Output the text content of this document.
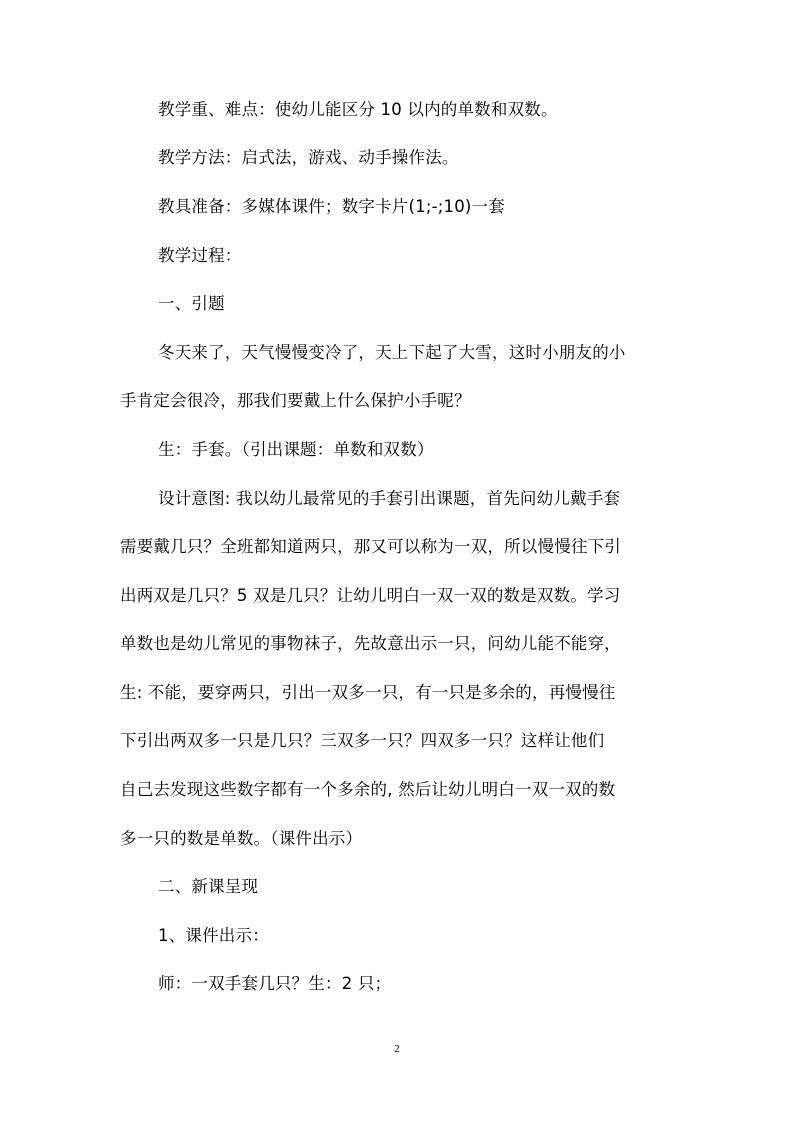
教学重、难点：使幼儿能区分 10 以内的单数和双数。
教学方法：启式法，游戏、动手操作法。
教具准备：多媒体课件；数字卡片(1;-;10)一套
教学过程：
一、引题
冬天来了，天气慢慢变冷了，天上下起了大雪，这时小朋友的小
手肯定会很冷，那我们要戴上什么保护小手呢？
生：手套。（引出课题：单数和双数）
设计意图: 我以幼儿最常见的手套引出课题，首先问幼儿戴手套
需要戴几只？全班都知道两只，那又可以称为一双，所以慢慢往下引
出两双是几只？5 双是几只？让幼儿明白一双一双的数是双数。学习
单数也是幼儿常见的事物袜子，先故意出示一只，问幼儿能不能穿，
生: 不能，要穿两只，引出一双多一只，有一只是多余的，再慢慢往
下引出两双多一只是几只？三双多一只？四双多一只？这样让他们
自己去发现这些数字都有一个多余的, 然后让幼儿明白一双一双的数
多一只的数是单数。（课件出示）
二、新课呈现
1、课件出示：
师：一双手套几只？生：2 只；
2
